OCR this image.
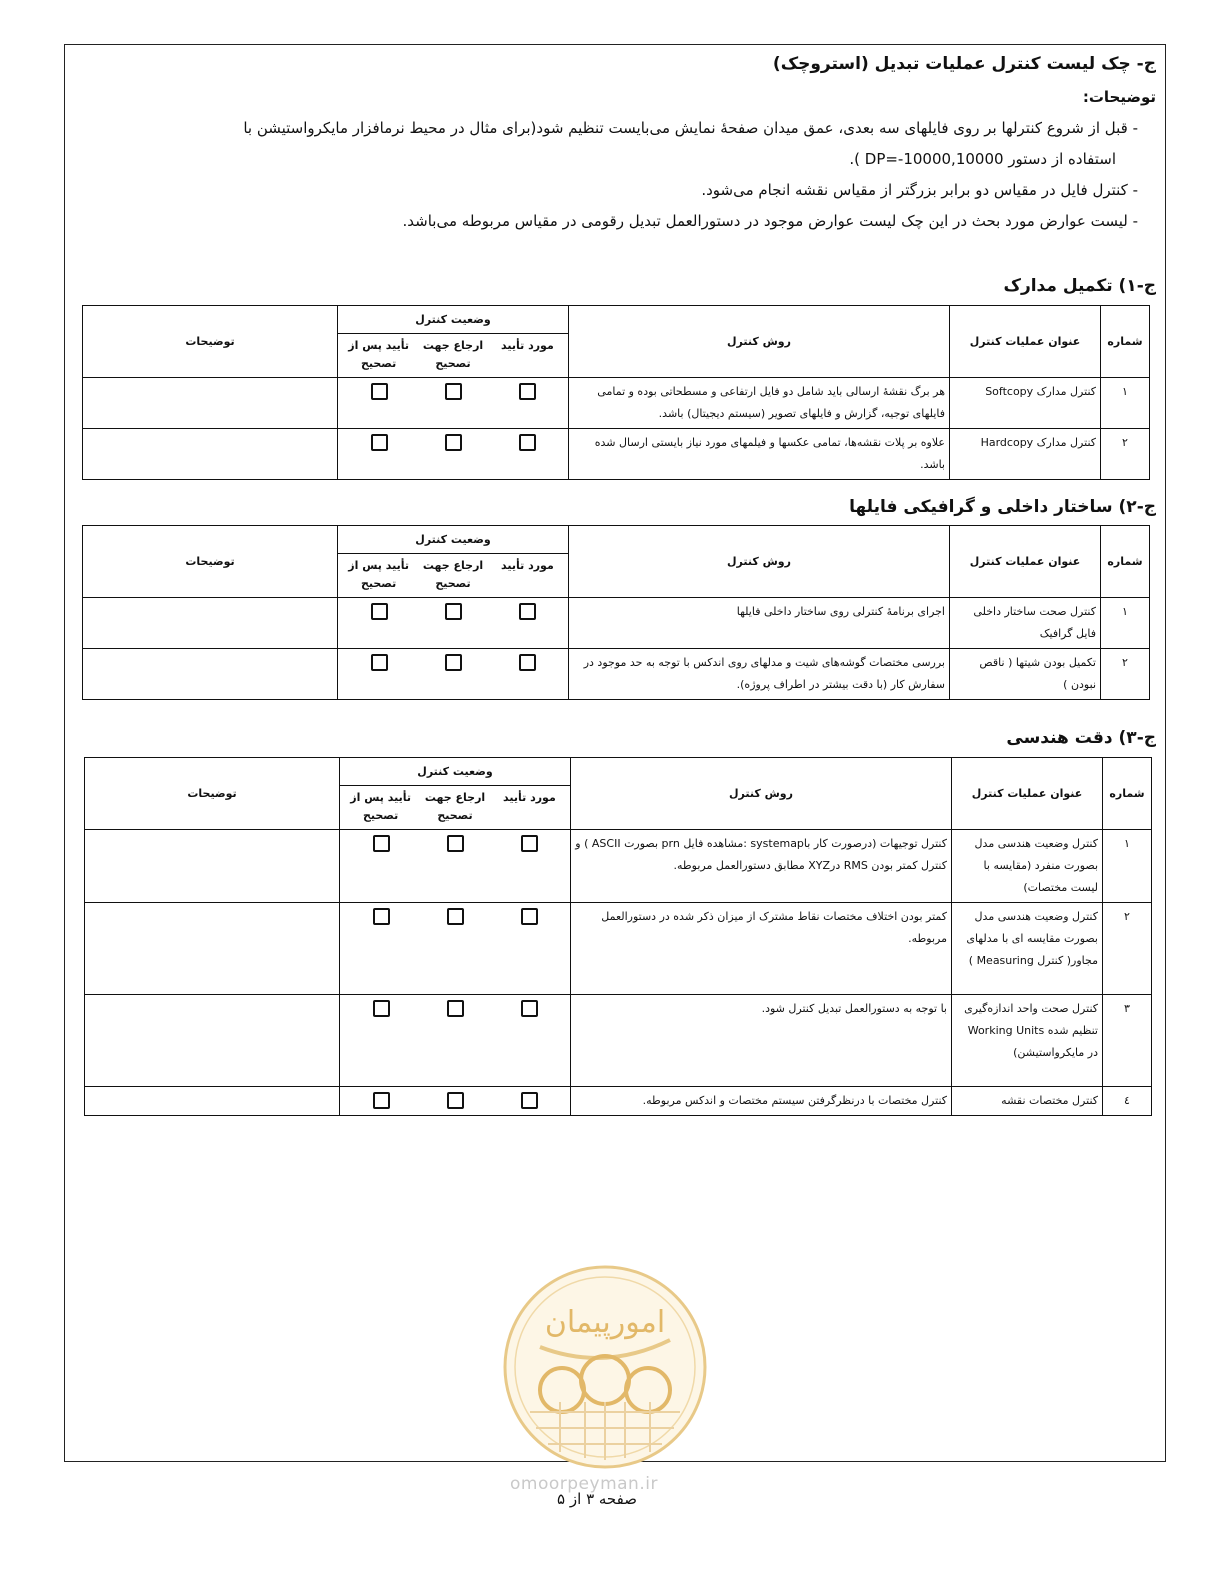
ج- چک لیست کنترل عملیات تبدیل (استروچک)

توضیحات:

- قبل از شروع کنترلها بر روی فایلهای سه بعدی، عمق میدان صفحهٔ نمایش می‌بایست تنظیم شود(برای مثال در محیط نرمافزار مایکرواستیشن با

استفاده از دستور DP=-10000,10000 ).

- کنترل فایل در مقیاس دو برابر بزرگتر از مقیاس نقشه انجام می‌شود.

- لیست عوارض مورد بحث در این چک لیست عوارض موجود در دستورالعمل تبدیل رقومی در مقیاس مربوطه می‌باشد.

ج-۱) تکمیل مدارک
شماره	عنوان عملیات کنترل	روش کنترل	وضعیت کنترل
مورد تأیید
ارجاع جهت تصحیح
تأیید پس از تصحیح	توضیحات
۱	کنترل مدارک Softcopy	هر برگ نقشهٔ ارسالی باید شامل دو فایل ارتفاعی و مسطحاتی بوده و تمامی فایلهای توجیه، گزارش و فایلهای تصویر (سیستم دیجیتال) باشد.	

۲	کنترل مدارک Hardcopy	علاوه بر پلات نقشه‌ها، تمامی عکسها و فیلمهای مورد نیاز بایستی ارسال شده باشد.	

ج-۲) ساختار داخلی و گرافیکی فایلها
شماره	عنوان عملیات کنترل	روش کنترل	وضعیت کنترل
مورد تأیید
ارجاع جهت تصحیح
تأیید پس از تصحیح	توضیحات
۱	کنترل صحت ساختار داخلی فایل گرافیک	اجرای برنامهٔ کنترلی روی ساختار داخلی فایلها	

۲	تکمیل بودن شیتها ( ناقص نبودن )	بررسی مختصات گوشه‌های شیت و مدلهای روی اندکس با توجه به حد موجود در سفارش کار (با دقت بیشتر در اطراف پروژه).	

ج-۳) دقت هندسی
شماره	عنوان عملیات کنترل	روش کنترل	وضعیت کنترل
مورد تأیید
ارجاع جهت تصحیح
تأیید پس از تصحیح	توضیحات
۱	کنترل وضعیت هندسی مدل بصورت منفرد (مقایسه با لیست مختصات)	کنترل توجیهات (درصورت کار باsystemap :مشاهده فایل prn بصورت ASCII ) و کنترل کمتر بودن RMS درXYZ مطابق دستورالعمل مربوطه.	

۲	کنترل وضعیت هندسی مدل بصورت مقایسه ای با مدلهای مجاور( کنترل Measuring )	کمتر بودن اختلاف مختصات نقاط مشترک از میزان ذکر شده در دستورالعمل مربوطه.	

۳	کنترل صحت واحد اندازه‌گیری تنظیم شده Working Units در مایکرواستیشن)	با توجه به دستورالعمل تبدیل کنترل شود.	

٤	کنترل مختصات نقشه	کنترل مختصات با درنظرگرفتن سیستم مختصات و اندکس مربوطه.	

امورپیمان
omoorpeyman.ir
صفحه ۳ از ۵
